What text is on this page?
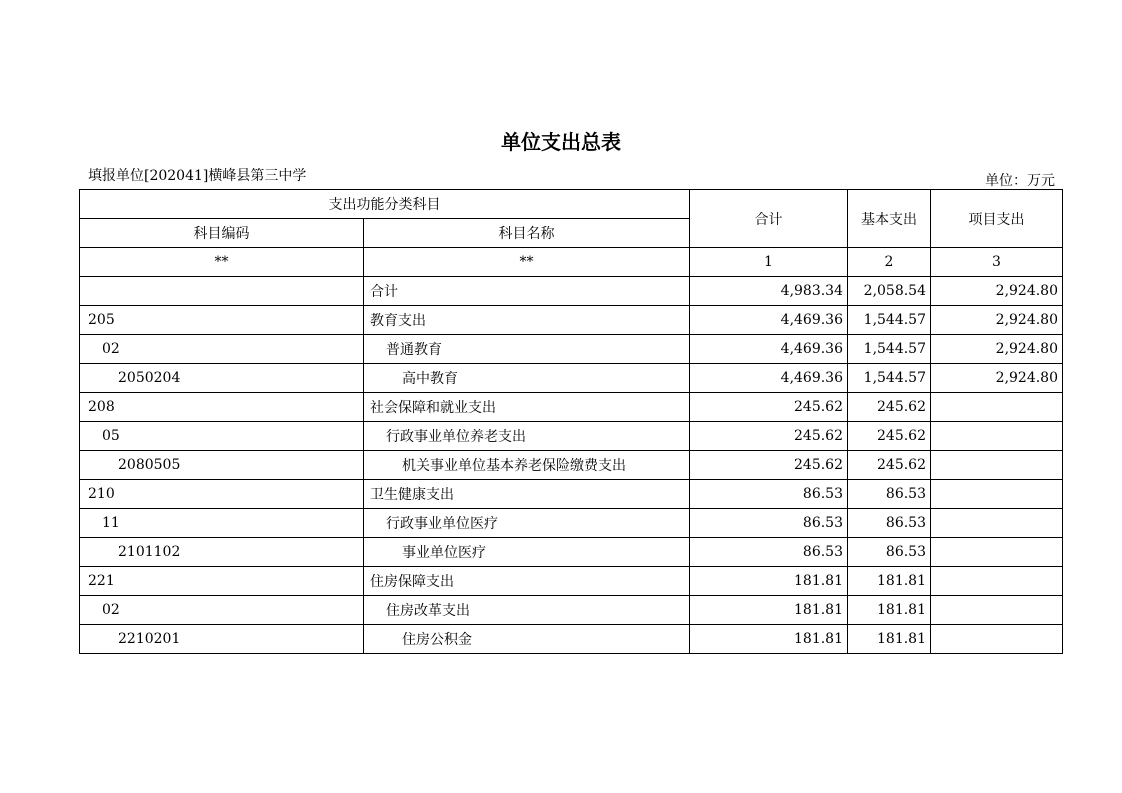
单位支出总表
填报单位[202041]横峰县第三中学	单位：万元
支出功能分类科目		合计	基本支出	项目支出
科目编码	科目名称			
**	**	1	2	3
	合计	4,983.34	2,058.54	2,924.80
205	教育支出	4,469.36	1,544.57	2,924.80
02	普通教育	4,469.36	1,544.57	2,924.80
2050204	高中教育	4,469.36	1,544.57	2,924.80
208	社会保障和就业支出	245.62	245.62	
05	行政事业单位养老支出	245.62	245.62	
2080505	机关事业单位基本养老保险缴费支出	245.62	245.62	
210	卫生健康支出	86.53	86.53	
11	行政事业单位医疗	86.53	86.53	
2101102	事业单位医疗	86.53	86.53	
221	住房保障支出	181.81	181.81	
02	住房改革支出	181.81	181.81	
2210201	住房公积金	181.81	181.81	
